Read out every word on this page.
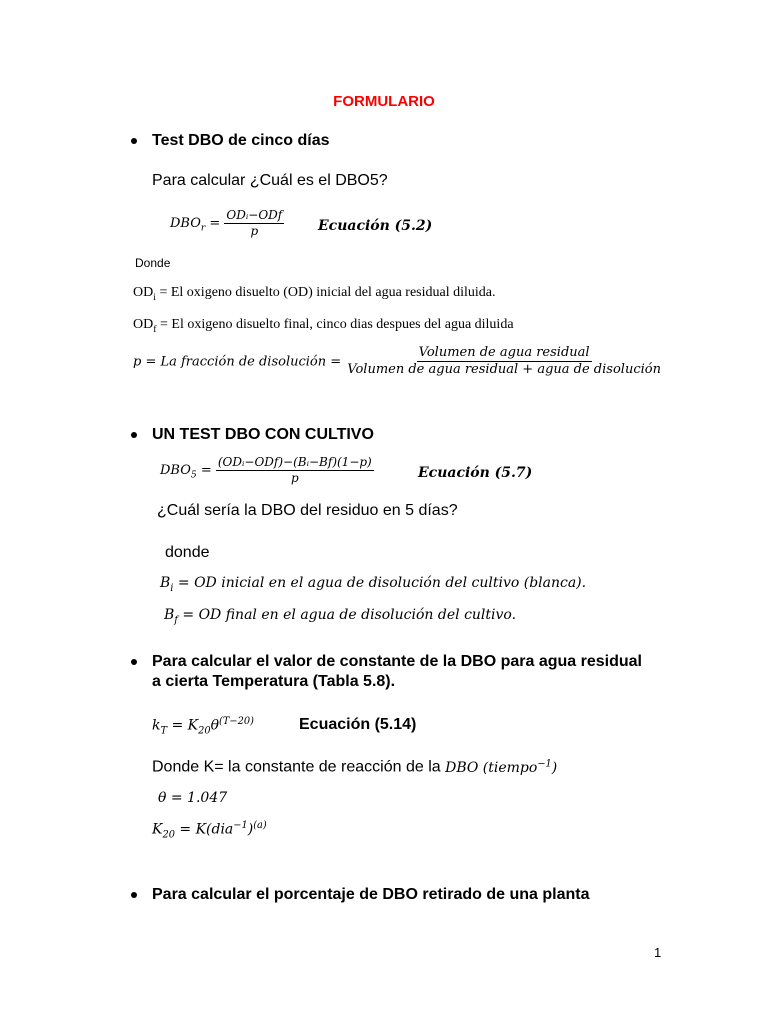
FORMULARIO
Test DBO de cinco días
Para calcular ¿Cuál es el DBO5?
$DBO_r = \frac{\text{ODᵢ−ODf}}{p}$ Ecuación (5.2)
Donde
$OD_i = El$ oxigeno disuelto (OD) inicial del agua residual diluida.
$OD_f = El$ oxigeno disuelto final, cinco dias despues del agua diluida
p = La fracción de disolución = $\frac{\text{Volumen de agua residual}}{\text{Volumen de agua residual + agua de disolución}}$
UN TEST DBO CON CULTIVO
$DBO_5 = \frac{\text{(ODᵢ−ODf)−(Bᵢ−Bf)(1−p)}}{p}$	Ecuación (5.7)
¿Cuál sería la DBO del residuo en 5 días?
donde
$B_i$ = OD inicial en el agua de disolución del cultivo (blanca).
$B_f$ = OD final en el agua de disolución del cultivo.
Para calcular el valor de constante de la DBO para agua residual
a cierta Temperatura (Tabla 5.8).
$k_T = K_{20}\theta^{(T-20)}$	Ecuación (5.14)
Donde K= la constante de reacción de la DBO (tiempo$^{-1}$)
θ = 1.047
$K_{20} = K(dia^{-1})^{(a)}$
Para calcular el porcentaje de DBO retirado de una planta
1
